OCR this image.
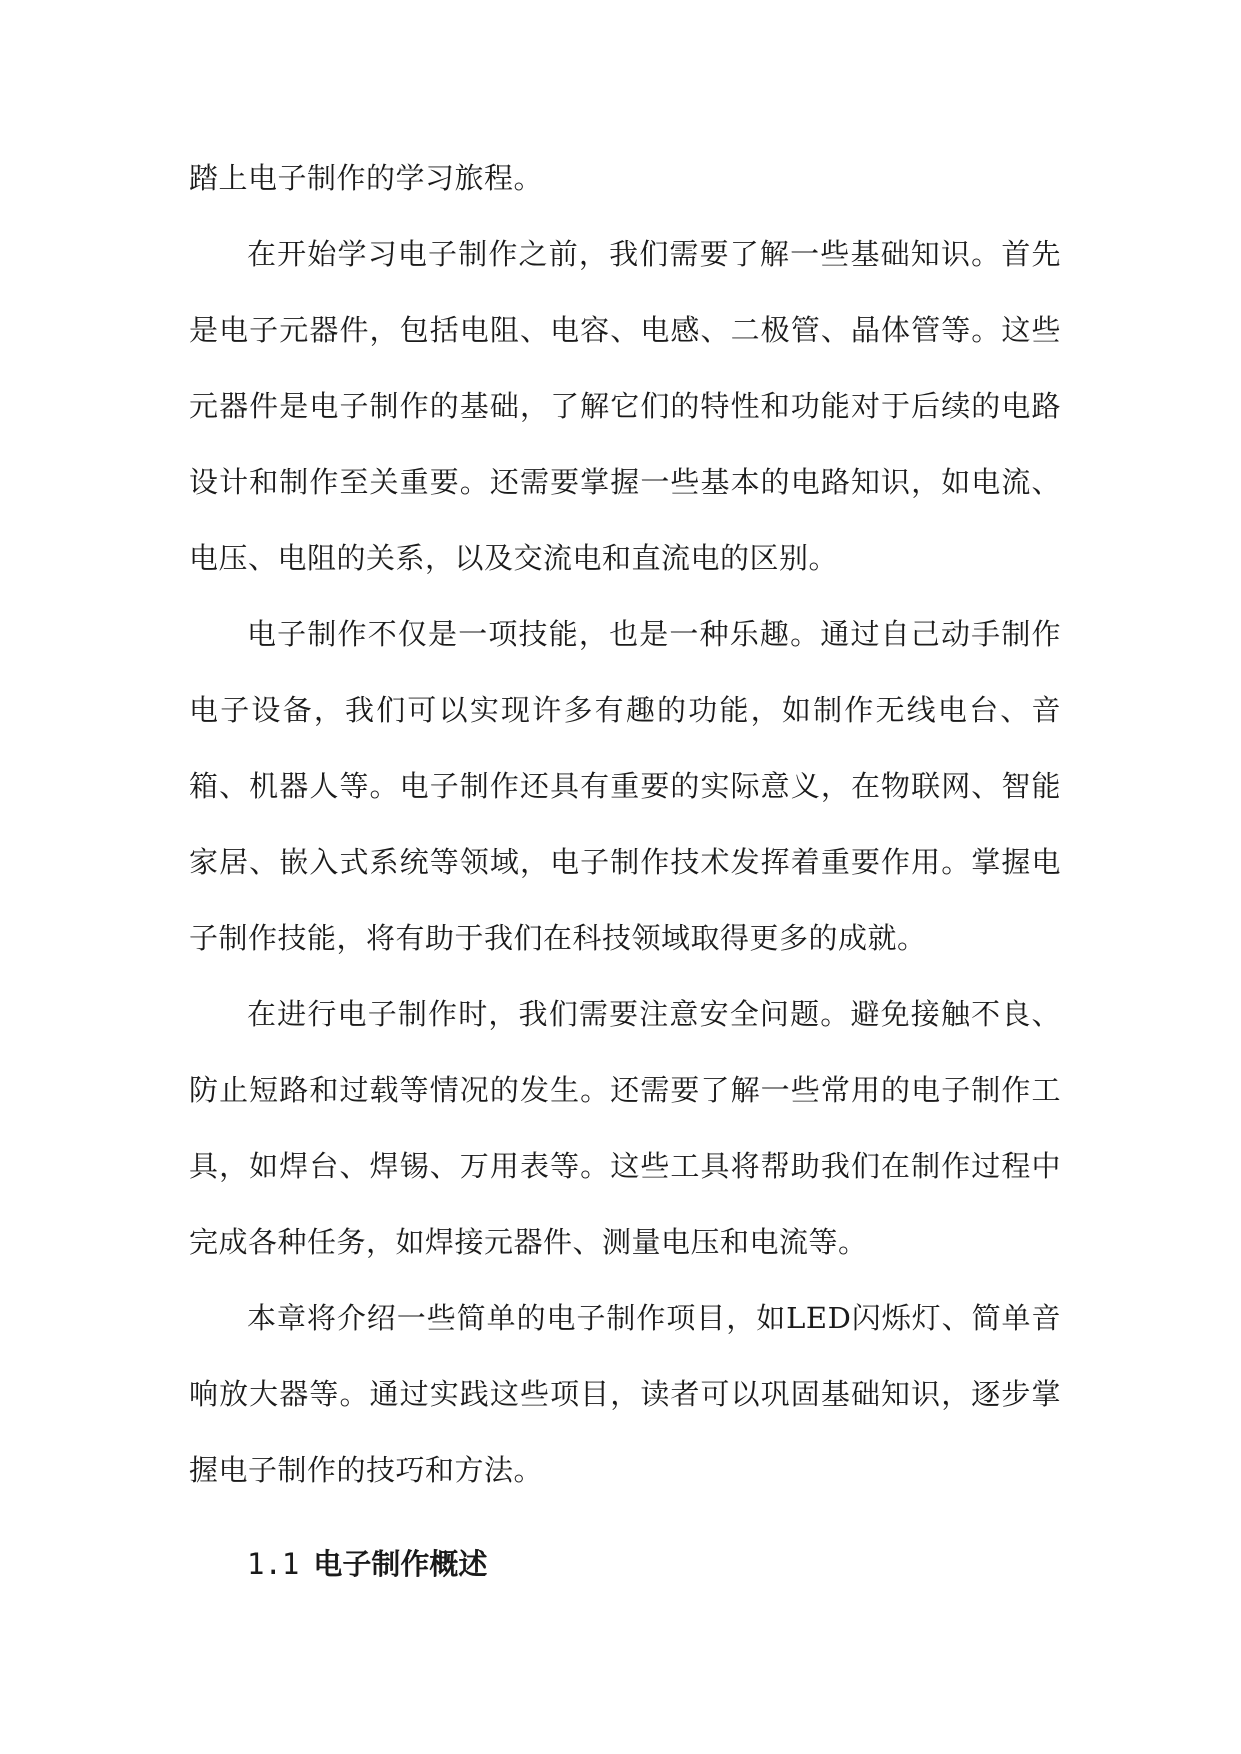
踏上电子制作的学习旅程。

在开始学习电子制作之前，我们需要了解一些基础知识。首先是电子元器件，包括电阻、电容、电感、二极管、晶体管等。这些元器件是电子制作的基础，了解它们的特性和功能对于后续的电路设计和制作至关重要。还需要掌握一些基本的电路知识，如电流、电压、电阻的关系，以及交流电和直流电的区别。

电子制作不仅是一项技能，也是一种乐趣。通过自己动手制作电子设备，我们可以实现许多有趣的功能，如制作无线电台、音箱、机器人等。电子制作还具有重要的实际意义，在物联网、智能家居、嵌入式系统等领域，电子制作技术发挥着重要作用。掌握电子制作技能，将有助于我们在科技领域取得更多的成就。

在进行电子制作时，我们需要注意安全问题。避免接触不良、防止短路和过载等情况的发生。还需要了解一些常用的电子制作工具，如焊台、焊锡、万用表等。这些工具将帮助我们在制作过程中完成各种任务，如焊接元器件、测量电压和电流等。

本章将介绍一些简单的电子制作项目，如LED闪烁灯、简单音响放大器等。通过实践这些项目，读者可以巩固基础知识，逐步掌握电子制作的技巧和方法。

1.1 电子制作概述
